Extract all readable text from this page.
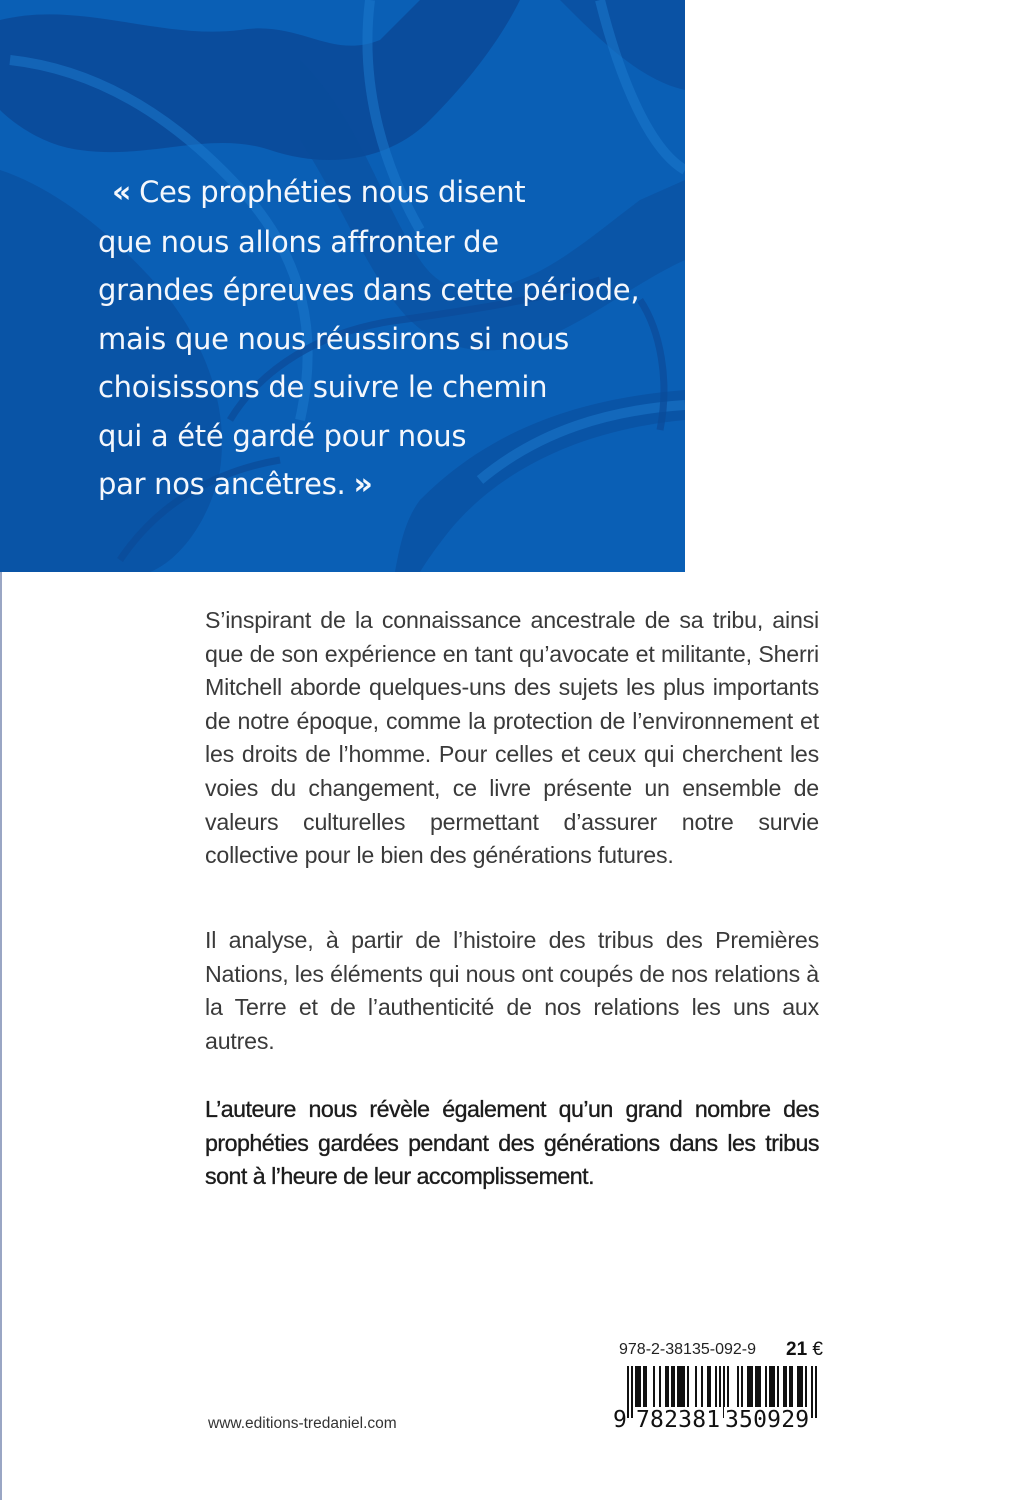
« Ces prophéties nous disent
que nous allons affronter de
grandes épreuves dans cette période,
mais que nous réussirons si nous
choisissons de suivre le chemin
qui a été gardé pour nous
par nos ancêtres. »

S’inspirant de la connaissance ancestrale de sa tribu, ainsi que de son expérience en tant qu’avocate et militante, Sherri Mitchell aborde quelques-uns des sujets les plus importants de notre époque, comme la protection de l’environnement et les droits de l’homme. Pour celles et ceux qui cherchent les voies du changement, ce livre présente un ensemble de valeurs culturelles permettant d’assurer notre survie collective pour le bien des générations futures.

Il analyse, à partir de l’histoire des tribus des Premières Nations, les éléments qui nous ont coupés de nos relations à la Terre et de l’authenticité de nos relations les uns aux autres.

L’auteure nous révèle également qu’un grand nombre des prophéties gardées pendant des générations dans les tribus sont à l’heure de leur accomplissement.

978-2-38135-092-9 21 €
9 782381 350929

www.editions-tredaniel.com
